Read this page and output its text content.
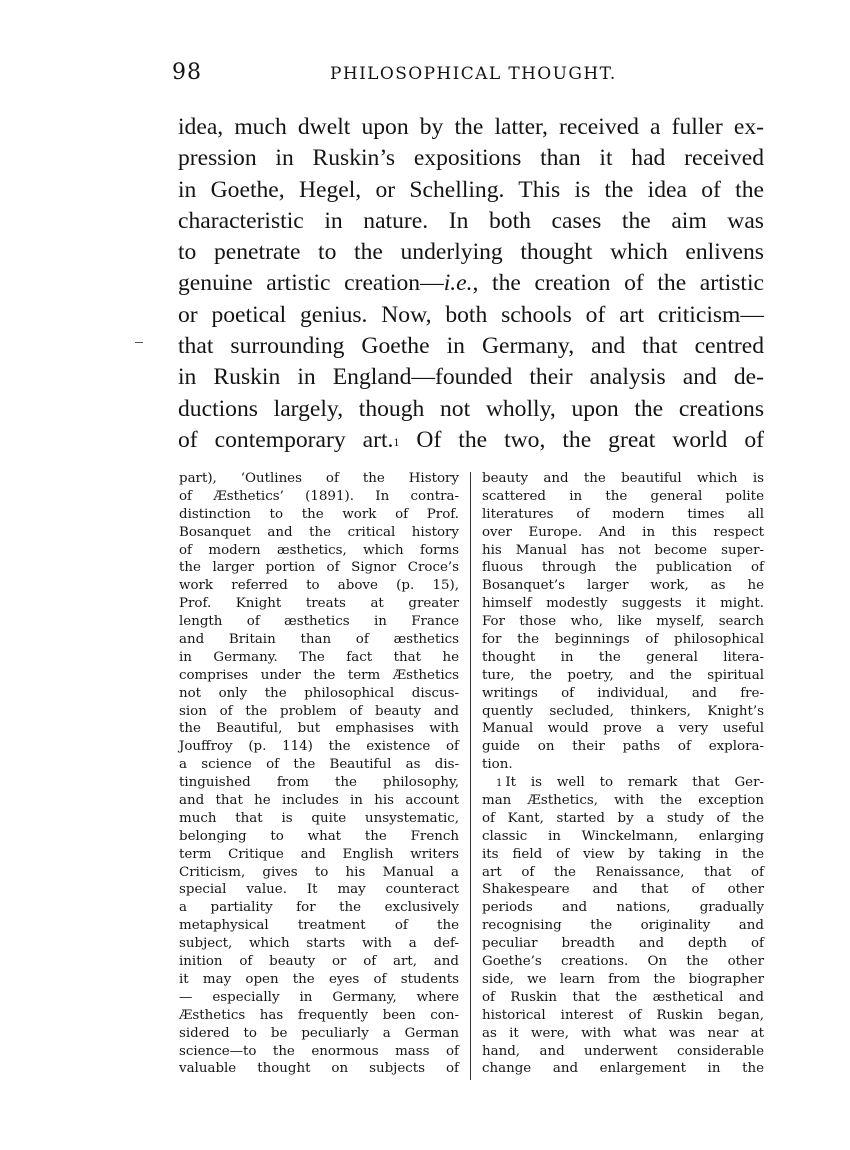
98	PHILOSOPHICAL THOUGHT.
idea, much dwelt upon by the latter, received a fuller ex-
pression in Ruskin’s expositions than it had received
in Goethe, Hegel, or Schelling. This is the idea of the
characteristic in nature. In both cases the aim was
to penetrate to the underlying thought which enlivens
genuine artistic creation—i.e., the creation of the artistic
or poetical genius. Now, both schools of art criticism—
that surrounding Goethe in Germany, and that centred
in Ruskin in England—founded their analysis and de-
ductions largely, though not wholly, upon the creations
of contemporary art.$^1$ Of the two, the great world of
part), ‘Outlines of the History
of Æsthetics’ (1891). In contra-
distinction to the work of Prof.
Bosanquet and the critical history
of modern æsthetics, which forms
the larger portion of Signor Croce’s
work referred to above (p. 15),
Prof. Knight treats at greater
length of æsthetics in France
and Britain than of æsthetics
in Germany. The fact that he
comprises under the term Æsthetics
not only the philosophical discus-
sion of the problem of beauty and
the Beautiful, but emphasises with
Jouffroy (p. 114) the existence of
a science of the Beautiful as dis-
tinguished from the philosophy,
and that he includes in his account
much that is quite unsystematic,
belonging to what the French
term Critique and English writers
Criticism, gives to his Manual a
special value. It may counteract
a partiality for the exclusively
metaphysical treatment of the
subject, which starts with a def-
inition of beauty or of art, and
it may open the eyes of students
— especially in Germany, where
Æsthetics has frequently been con-
sidered to be peculiarly a German
science—to the enormous mass of
valuable thought on subjects of
beauty and the beautiful which is
scattered in the general polite
literatures of modern times all
over Europe. And in this respect
his Manual has not become super-
fluous through the publication of
Bosanquet’s larger work, as he
himself modestly suggests it might.
For those who, like myself, search
for the beginnings of philosophical
thought in the general litera-
ture, the poetry, and the spiritual
writings of individual, and fre-
quently secluded, thinkers, Knight’s
Manual would prove a very useful
guide on their paths of explora-
tion.
$^1$ It is well to remark that Ger-
man Æsthetics, with the exception
of Kant, started by a study of the
classic in Winckelmann, enlarging
its field of view by taking in the
art of the Renaissance, that of
Shakespeare and that of other
periods and nations, gradually
recognising the originality and
peculiar breadth and depth of
Goethe’s creations. On the other
side, we learn from the biographer
of Ruskin that the æsthetical and
historical interest of Ruskin began,
as it were, with what was near at
hand, and underwent considerable
change and enlargement in the
